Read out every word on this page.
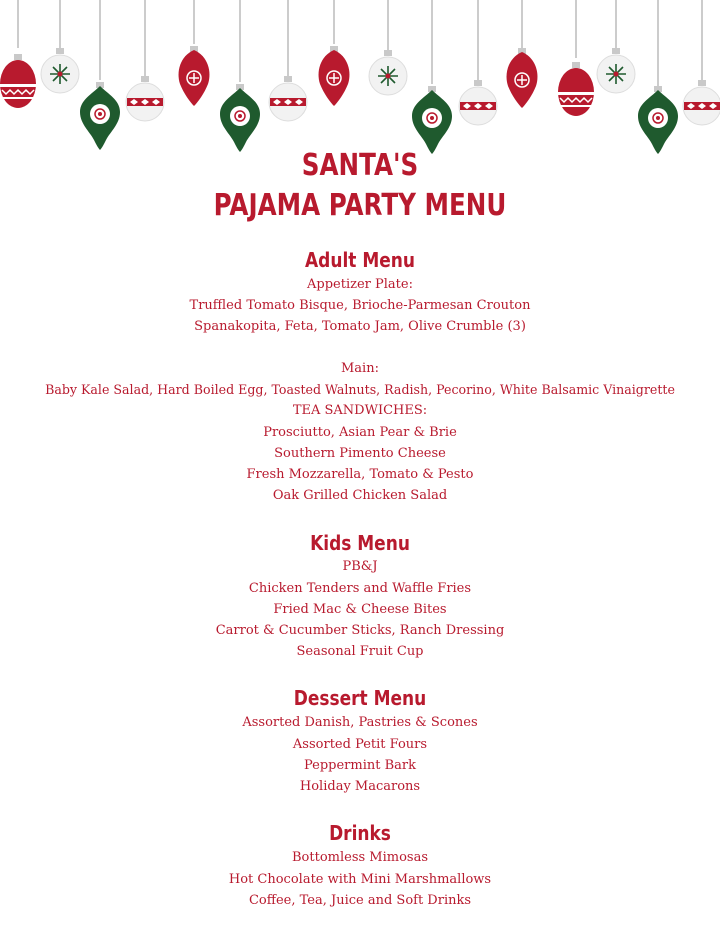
SANTA'S
PAJAMA PARTY MENU
Adult Menu
Appetizer Plate:
Truffled Tomato Bisque, Brioche-Parmesan Crouton
Spanakopita, Feta, Tomato Jam, Olive Crumble (3)
Main:
Baby Kale Salad, Hard Boiled Egg, Toasted Walnuts, Radish, Pecorino, White Balsamic Vinaigrette
TEA SANDWICHES:
Prosciutto, Asian Pear & Brie
Southern Pimento Cheese
Fresh Mozzarella, Tomato & Pesto
Oak Grilled Chicken Salad
Kids Menu
PB&J
Chicken Tenders and Waffle Fries
Fried Mac & Cheese Bites
Carrot & Cucumber Sticks, Ranch Dressing
Seasonal Fruit Cup
Dessert Menu
Assorted Danish, Pastries & Scones
Assorted Petit Fours
Peppermint Bark
Holiday Macarons
Drinks
Bottomless Mimosas
Hot Chocolate with Mini Marshmallows
Coffee, Tea, Juice and Soft Drinks
